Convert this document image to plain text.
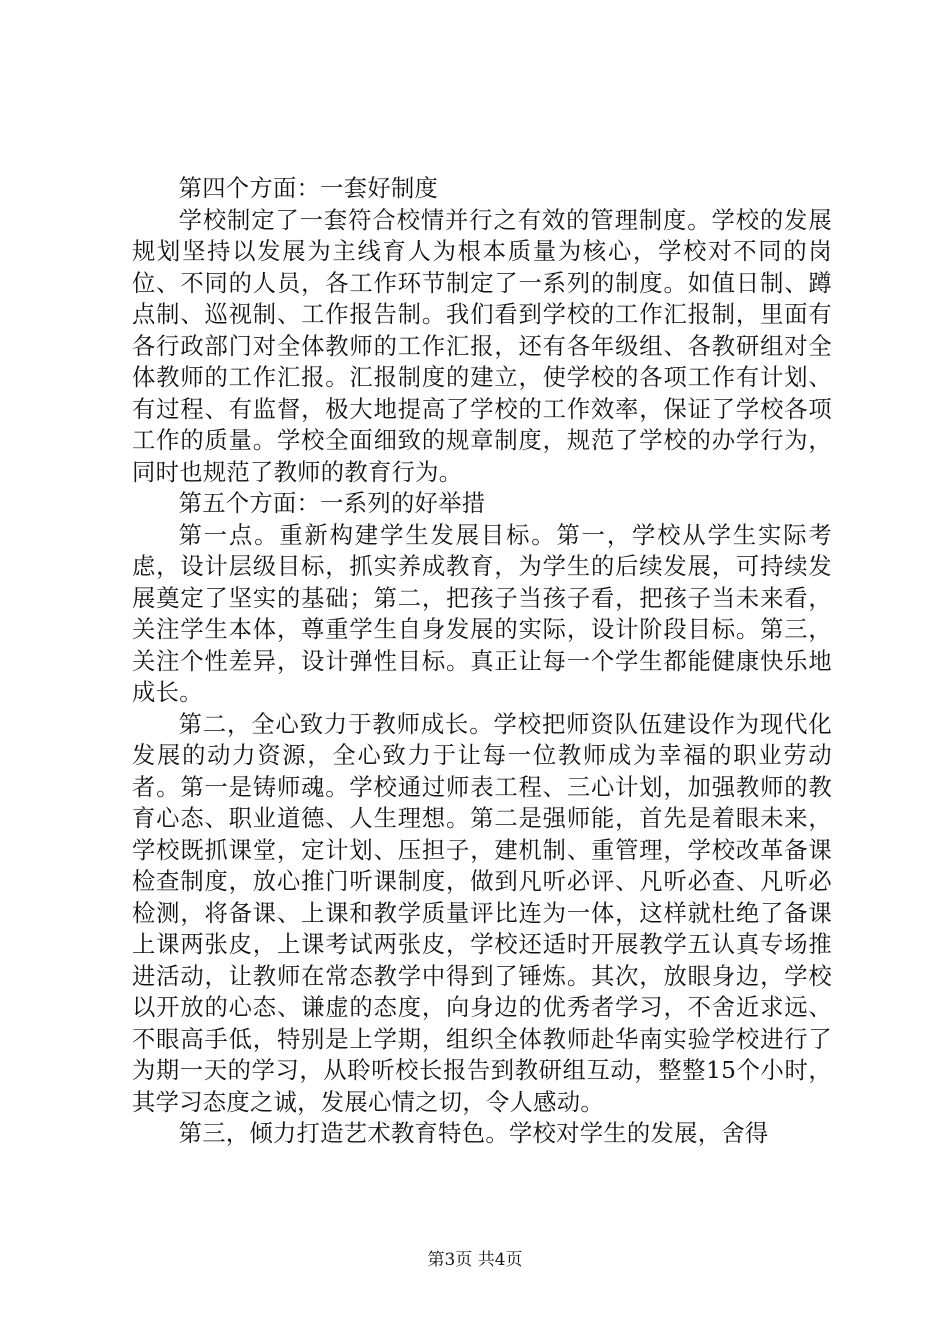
第四个方面：一套好制度

学校制定了一套符合校情并行之有效的管理制度。学校的发展规划坚持以发展为主线育人为根本质量为核心，学校对不同的岗位、不同的人员，各工作环节制定了一系列的制度。如值日制、蹲点制、巡视制、工作报告制。我们看到学校的工作汇报制，里面有各行政部门对全体教师的工作汇报，还有各年级组、各教研组对全体教师的工作汇报。汇报制度的建立，使学校的各项工作有计划、有过程、有监督，极大地提高了学校的工作效率，保证了学校各项工作的质量。学校全面细致的规章制度，规范了学校的办学行为，同时也规范了教师的教育行为。

第五个方面：一系列的好举措

第一点。重新构建学生发展目标。第一，学校从学生实际考虑，设计层级目标，抓实养成教育，为学生的后续发展，可持续发展奠定了坚实的基础；第二，把孩子当孩子看，把孩子当未来看，关注学生本体，尊重学生自身发展的实际，设计阶段目标。第三，关注个性差异，设计弹性目标。真正让每一个学生都能健康快乐地成长。

第二，全心致力于教师成长。学校把师资队伍建设作为现代化发展的动力资源，全心致力于让每一位教师成为幸福的职业劳动者。第一是铸师魂。学校通过师表工程、三心计划，加强教师的教育心态、职业道德、人生理想。第二是强师能，首先是着眼未来，学校既抓课堂，定计划、压担子，建机制、重管理，学校改革备课检查制度，放心推门听课制度，做到凡听必评、凡听必查、凡听必检测，将备课、上课和教学质量评比连为一体，这样就杜绝了备课上课两张皮，上课考试两张皮，学校还适时开展教学五认真专场推进活动，让教师在常态教学中得到了锤炼。其次，放眼身边，学校以开放的心态、谦虚的态度，向身边的优秀者学习，不舍近求远、不眼高手低，特别是上学期，组织全体教师赴华南实验学校进行了为期一天的学习，从聆听校长报告到教研组互动，整整15个小时，其学习态度之诚，发展心情之切，令人感动。

第三，倾力打造艺术教育特色。学校对学生的发展，舍得

第3页 共4页
